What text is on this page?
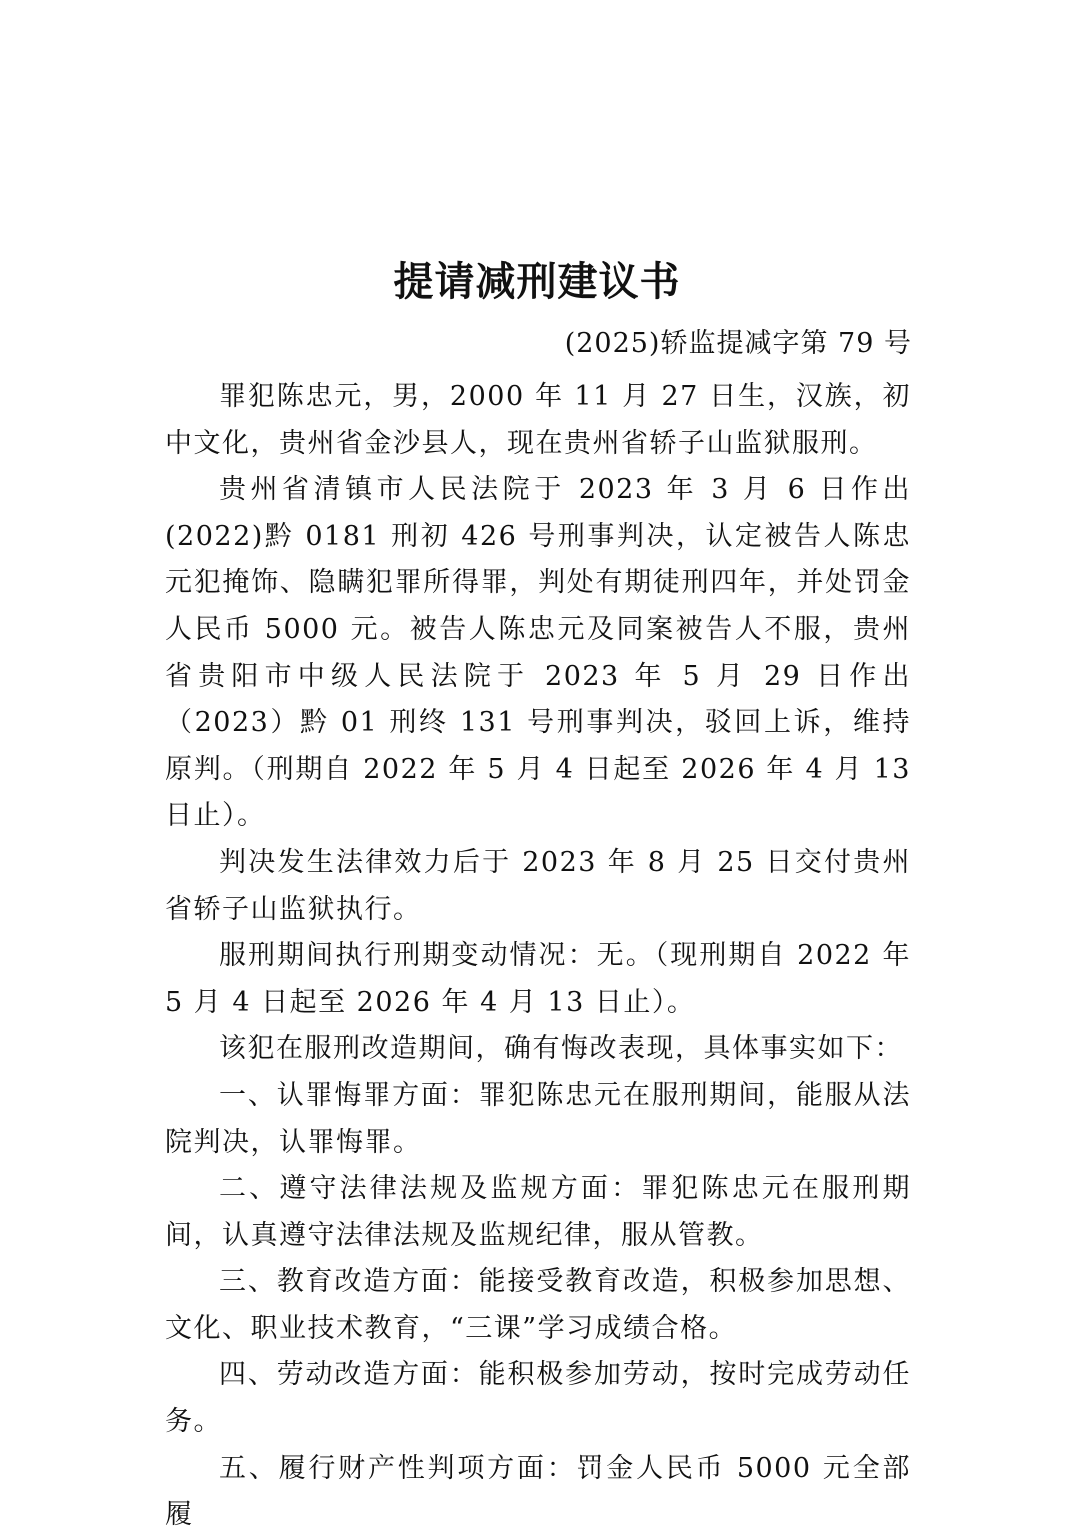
提请减刑建议书
(2025)轿监提减字第 79 号

罪犯陈忠元，男，2000 年 11 月 27 日生，汉族，初中文化，贵州省金沙县人，现在贵州省轿子山监狱服刑。

贵州省清镇市人民法院于 2023 年 3 月 6 日作出(2022)黔 0181 刑初 426 号刑事判决，认定被告人陈忠元犯掩饰、隐瞒犯罪所得罪，判处有期徒刑四年，并处罚金人民币 5000 元。被告人陈忠元及同案被告人不服，贵州省贵阳市中级人民法院于 2023 年 5 月 29 日作出（2023）黔 01 刑终 131 号刑事判决，驳回上诉，维持原判。（刑期自 2022 年 5 月 4 日起至 2026 年 4 月 13 日止）。

判决发生法律效力后于 2023 年 8 月 25 日交付贵州省轿子山监狱执行。

服刑期间执行刑期变动情况：无。（现刑期自 2022 年 5 月 4 日起至 2026 年 4 月 13 日止）。

该犯在服刑改造期间，确有悔改表现，具体事实如下：

一、认罪悔罪方面：罪犯陈忠元在服刑期间，能服从法院判决，认罪悔罪。

二、遵守法律法规及监规方面：罪犯陈忠元在服刑期间，认真遵守法律法规及监规纪律，服从管教。

三、教育改造方面：能接受教育改造，积极参加思想、文化、职业技术教育，“三课”学习成绩合格。

四、劳动改造方面：能积极参加劳动，按时完成劳动任务。

五、履行财产性判项方面：罚金人民币 5000 元全部履
